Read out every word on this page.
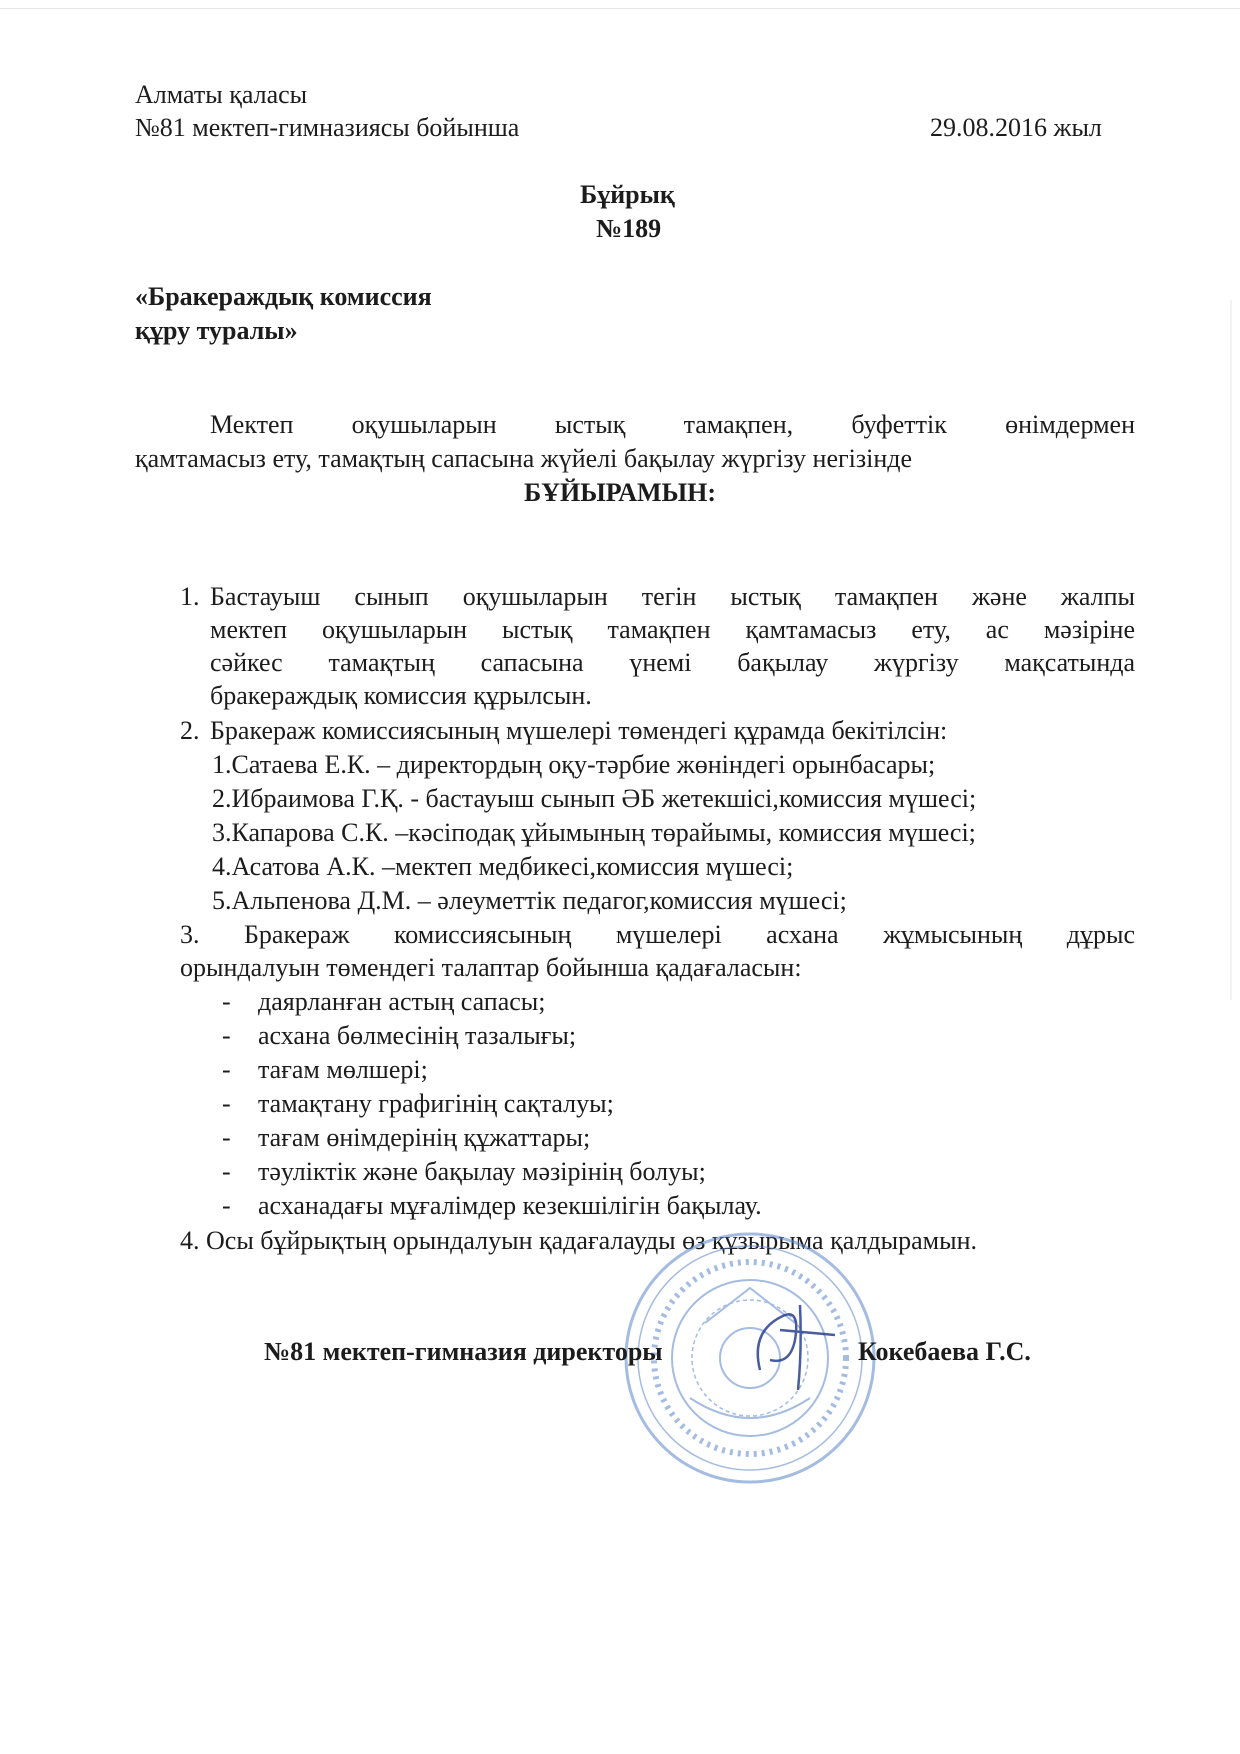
Алматы қаласы
№81 мектеп-гимназиясы бойынша	29.08.2016 жыл
Бұйрық
№189
«Бракераждық комиссия
құру туралы»
Мектеп оқушыларын ыстық тамақпен, буфеттік өнімдермен
қамтамасыз ету, тамақтың сапасына жүйелі бақылау жүргізу негізінде
БҰЙЫРАМЫН:
1. Бастауыш сынып оқушыларын тегін ыстық тамақпен және жалпы
мектеп оқушыларын ыстық тамақпен қамтамасыз ету, ас мәзіріне
сәйкес тамақтың сапасына үнемі бақылау жүргізу мақсатында
бракераждық комиссия құрылсын.
2. Бракераж комиссиясының мүшелері төмендегі құрамда бекітілсін:
1.Сатаева Е.К. – директордың оқу-тәрбие жөніндегі орынбасары;
2.Ибраимова Г.Қ. - бастауыш сынып ӘБ жетекшісі,комиссия мүшесі;
3.Капарова С.К. –кәсіподақ ұйымының төрайымы, комиссия мүшесі;
4.Асатова А.К. –мектеп медбикесі,комиссия мүшесі;
5.Альпенова Д.М. – әлеуметтік педагог,комиссия мүшесі;
3. Бракераж комиссиясының мүшелері асхана жұмысының дұрыс
орындалуын төмендегі талаптар бойынша қадағаласын:
- даярланған астың сапасы;
- асхана бөлмесінің тазалығы;
- тағам мөлшері;
- тамақтану графигінің сақталуы;
- тағам өнімдерінің құжаттары;
- тәуліктік және бақылау мәзірінің болуы;
- асханадағы мұғалімдер кезекшілігін бақылау.
4. Осы бұйрықтың орындалуын қадағалауды өз құзырыма қалдырамын.
№81 мектеп-гимназия директоры	Кокебаева Г.С.
